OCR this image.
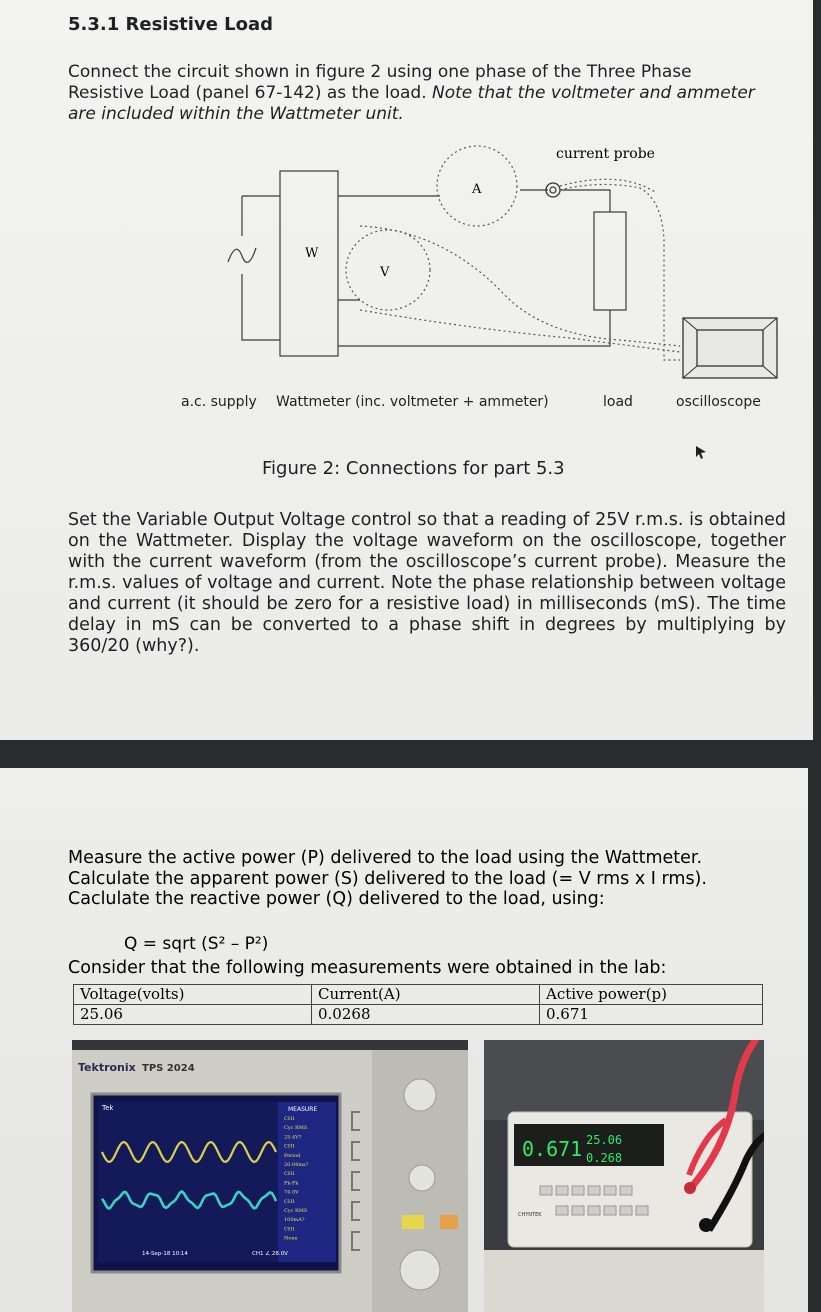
5.3.1 Resistive Load
Connect the circuit shown in figure 2 using one phase of the Three Phase Resistive Load (panel 67-142) as the load. Note that the voltmeter and ammeter are included within the Wattmeter unit.
A
V
W
current probe
a.c. supply Wattmeter (inc. voltmeter + ammeter)	load	oscilloscope
Figure 2: Connections for part 5.3
Set the Variable Output Voltage control so that a reading of 25V r.m.s. is obtained on the Wattmeter. Display the voltage waveform on the oscilloscope, together with the current waveform (from the oscilloscope’s current probe). Measure the r.m.s. values of voltage and current. Note the phase relationship between voltage and current (it should be zero for a resistive load) in milliseconds (mS). The time delay in mS can be converted to a phase shift in degrees by multiplying by 360/20 (why?).
Measure the active power (P) delivered to the load using the Wattmeter.
Calculate the apparent power (S) delivered to the load (= V rms x I rms).
Caclulate the reactive power (Q) delivered to the load, using:
Q = sqrt (S² – P²)
Consider that the following measurements were obtained in the lab:
Voltage(volts)	Current(A)	Active power(p)
25.06	0.0268	0.671
Tektronix TPS 2024
Tek	MEASURE
CH1
Cyc RMS
25.4V?
CH1
Period
20.04ms?
CH1
Pk-Pk
74.0V
CH1
Cyc RMS
100mA?
CH1
None
14-Sep-18 10:14	CH1 ∠ 28.0V
0.671 25.06
0.268
CHYNTEK
